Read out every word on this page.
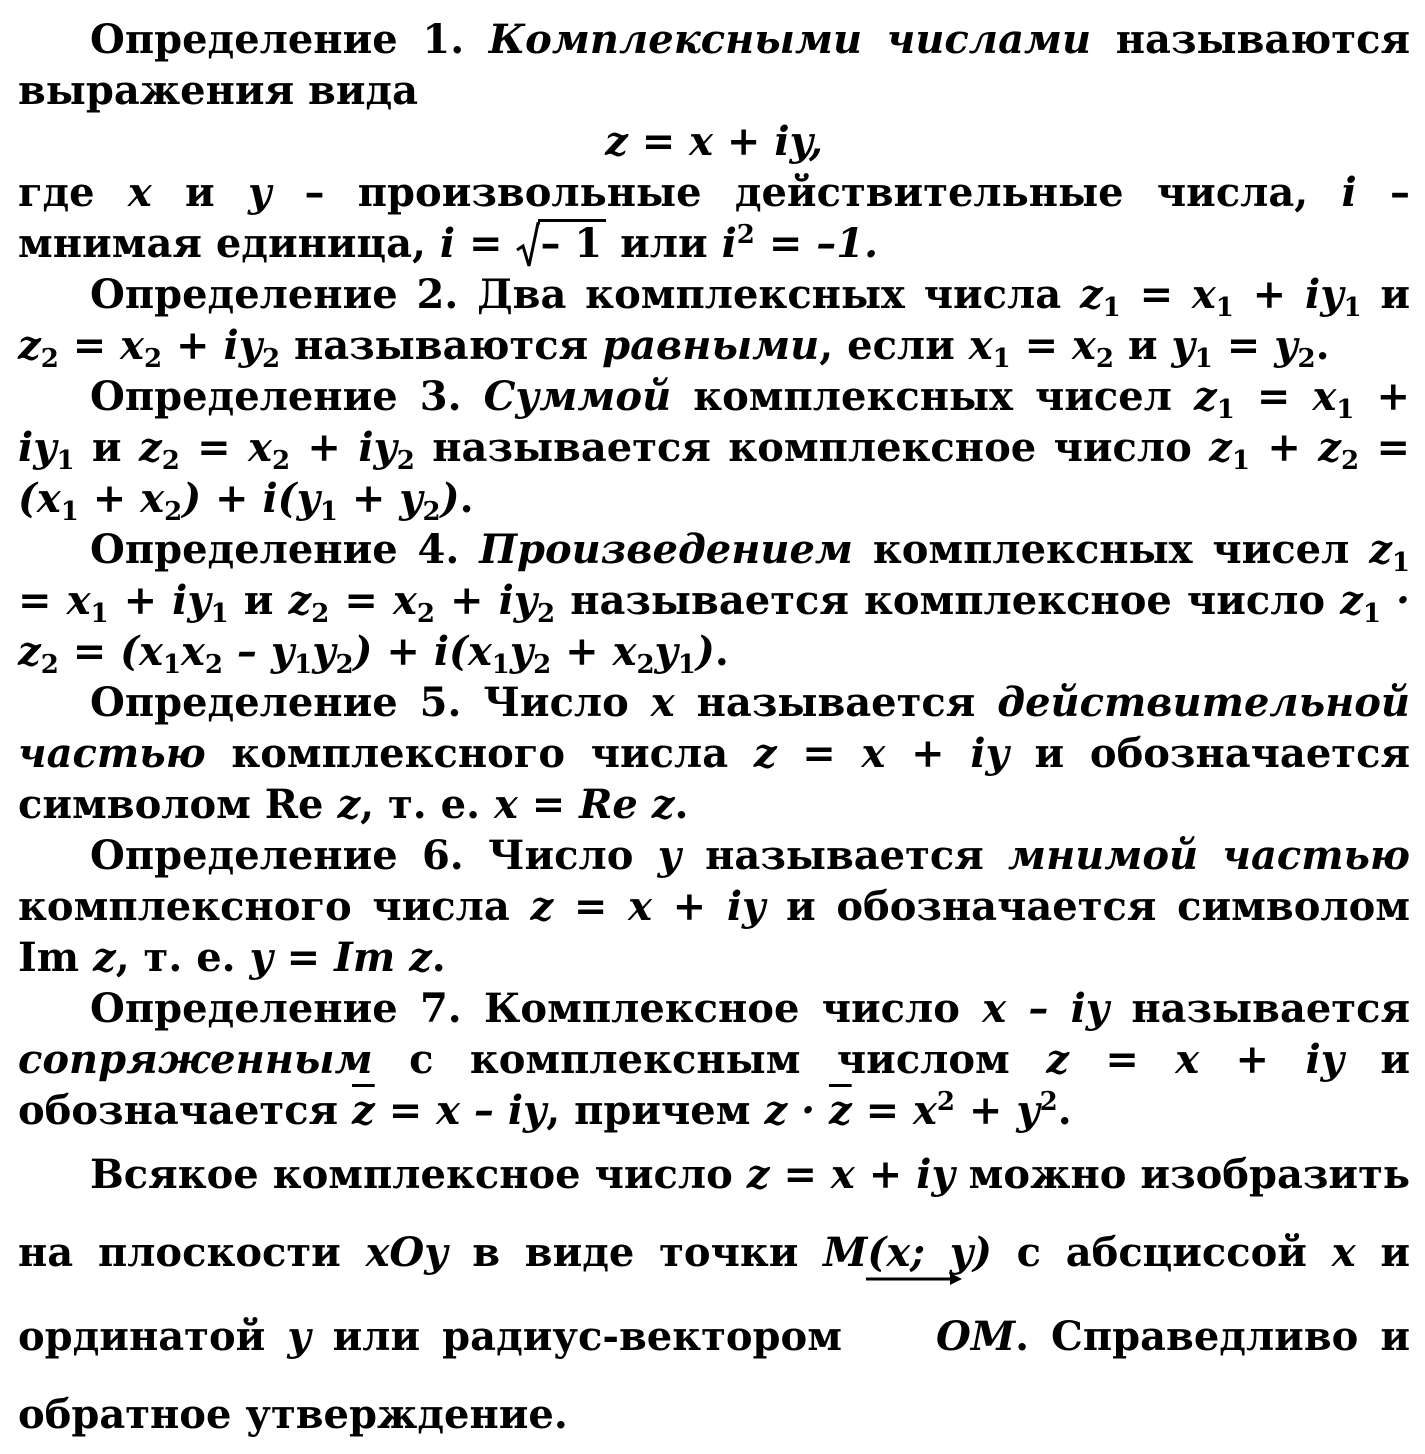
Определение 1. Комплексными числами называются выражения вида

z = x + iy,

где x и y – произвольные действительные числа, i – мнимая единица, i =
– 1 или $i^2 = -1$.

Определение 2. Два комплексных числа $z_1 = x_1 + iy_1$ и $z_2 = x_2 + iy_2$ называются равными, если $x_1 = x_2$ и $y_1 = y_2$.

Определение 3. Суммой комплексных чисел $z_1 = x_1 + iy_1$ и $z_2 = x_2 + iy_2$ называется комплексное число $z_1 + z_2 = (x_1 + x_2) + i(y_1 + y_2)$.

Определение 4. Произведением комплексных чисел $z_1 = x_1 + iy_1$ и $z_2 = x_2 + iy_2$ называется комплексное число $z_1 \cdot z_2 = (x_1x_2 - y_1y_2) + i(x_1y_2 + x_2y_1)$.

Определение 5. Число x называется действительной частью комплексного числа z = x + iy и обозначается символом Re z, т. е. x = Re z.

Определение 6. Число y называется мнимой частью комплексного числа z = x + iy и обозначается символом Im z, т. е. y = Im z.

Определение 7. Комплексное число x – iy называется сопряженным с комплексным числом z = x + iy и обозначается $\overline{z} = x$ – iy, причем $z \cdot \overline{z} = x^2 + y^2$.

Всякое комплексное число z = x + iy можно изобразить на плоскости xOy в виде точки M(x; y) с абсциссой x и ординатой y или радиус-вектором
OM. Справедливо и обратное утверждение.
